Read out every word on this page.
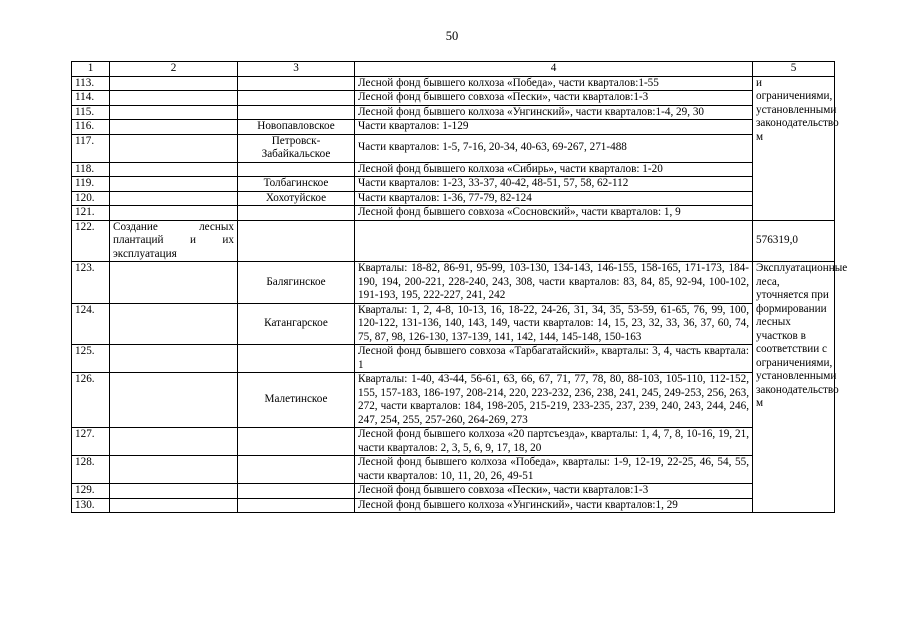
50
1	2	3	4	5
113.			Лесной фонд бывшего колхоза «Победа», части кварталов:1-55	и ограничениями, установленными законодательство м
114.			Лесной фонд бывшего совхоза «Пески», части кварталов:1-3	
115.			Лесной фонд бывшего колхоза «Унгинский», части кварталов:1-4, 29, 30	
116.		Новопавловское	Части кварталов: 1-129	
117.		Петровск-Забайкальское	Части кварталов: 1-5, 7-16, 20-34, 40-63, 69-267, 271-488	
118.			Лесной фонд бывшего колхоза «Сибирь», части кварталов: 1-20	
119.		Толбагинское	Части кварталов: 1-23, 33-37, 40-42, 48-51, 57, 58, 62-112	
120.		Хохотуйское	Части кварталов: 1-36, 77-79, 82-124	
121.			Лесной фонд бывшего совхоза «Сосновский», части кварталов: 1, 9	
122.	Создание лесных плантаций и их эксплуатация			576319,0
123.		Балягинское	Кварталы: 18-82, 86-91, 95-99, 103-130, 134-143, 146-155, 158-165, 171-173, 184-190, 194, 200-221, 228-240, 243, 308, части кварталов: 83, 84, 85, 92-94, 100-102, 191-193, 195, 222-227, 241, 242	Эксплуатационные леса, уточняется при формировании лесных участков в соответствии с ограничениями, установленными законодательство м
124.		Катангарское	Кварталы: 1, 2, 4-8, 10-13, 16, 18-22, 24-26, 31, 34, 35, 53-59, 61-65, 76, 99, 100, 120-122, 131-136, 140, 143, 149, части кварталов: 14, 15, 23, 32, 33, 36, 37, 60, 74, 75, 87, 98, 126-130, 137-139, 141, 142, 144, 145-148, 150-163	
125.			Лесной фонд бывшего совхоза «Тарбагатайский», кварталы: 3, 4, часть квартала: 1	
126.		Малетинское	Кварталы: 1-40, 43-44, 56-61, 63, 66, 67, 71, 77, 78, 80, 88-103, 105-110, 112-152, 155, 157-183, 186-197, 208-214, 220, 223-232, 236, 238, 241, 245, 249-253, 256, 263, 272, части кварталов: 184, 198-205, 215-219, 233-235, 237, 239, 240, 243, 244, 246, 247, 254, 255, 257-260, 264-269, 273	
127.			Лесной фонд бывшего колхоза «20 партсъезда», кварталы: 1, 4, 7, 8, 10-16, 19, 21, части кварталов: 2, 3, 5, 6, 9, 17, 18, 20	
128.			Лесной фонд бывшего колхоза «Победа», кварталы: 1-9, 12-19, 22-25, 46, 54, 55, части кварталов: 10, 11, 20, 26, 49-51	
129.			Лесной фонд бывшего совхоза «Пески», части кварталов:1-3	
130.			Лесной фонд бывшего колхоза «Унгинский», части кварталов:1, 29	
